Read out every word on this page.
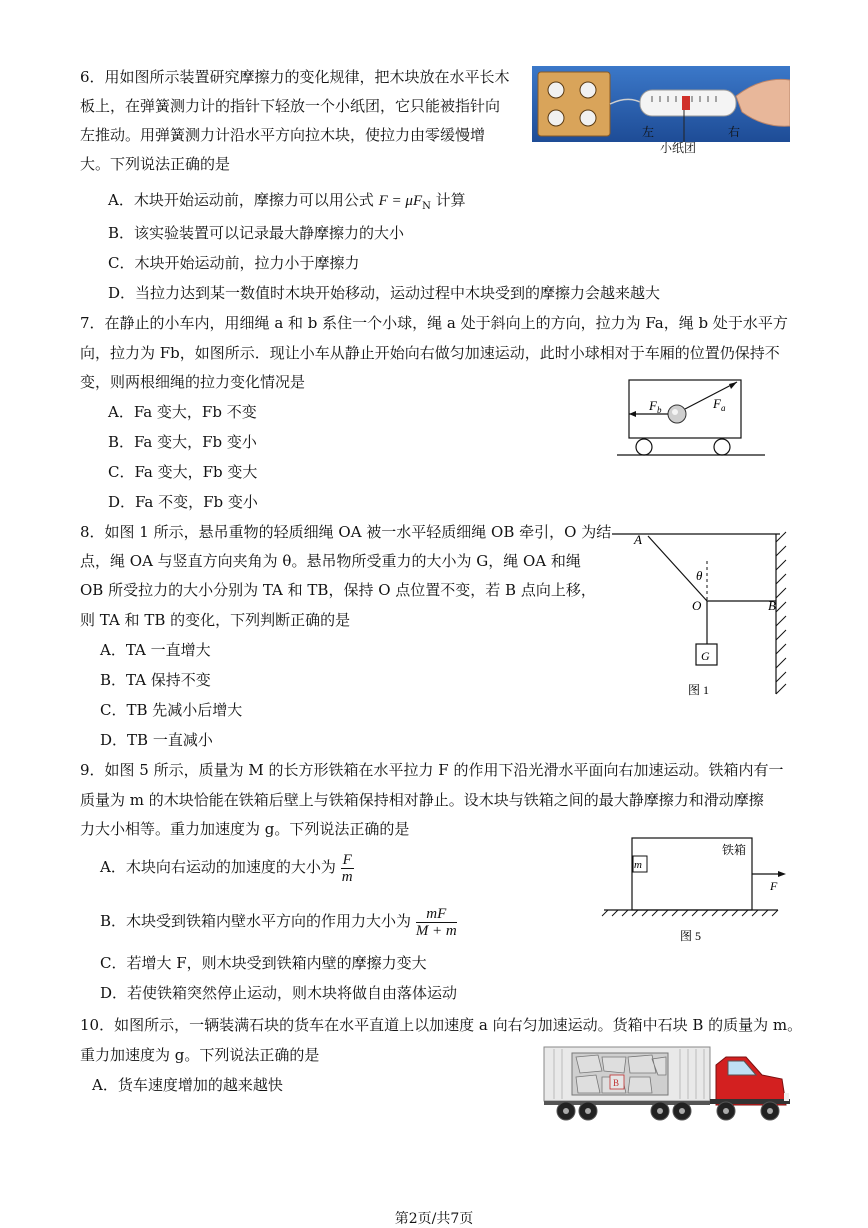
6．用如图所示装置研究摩擦力的变化规律，把木块放在水平长木
板上，在弹簧测力计的指针下轻放一个小纸团，它只能被指针向
左推动。用弹簧测力计沿水平方向拉木块，使拉力由零缓慢增
大。下列说法正确的是
左	右
小纸团
A．木块开始运动前，摩擦力可以用公式 $F = \mu F_N$ 计算
B．该实验装置可以记录最大静摩擦力的大小
C．木块开始运动前，拉力小于摩擦力
D．当拉力达到某一数值时木块开始移动，运动过程中木块受到的摩擦力会越来越大
7．在静止的小车内，用细绳 a 和 b 系住一个小球，绳 a 处于斜向上的方向，拉力为 Fa，绳 b 处于水平方
向，拉力为 Fb，如图所示．现让小车从静止开始向右做匀加速运动，此时小球相对于车厢的位置仍保持不
变，则两根细绳的拉力变化情况是
A．Fa 变大，Fb 不变
B．Fa 变大，Fb 变小
C．Fa 变大，Fb 变大
D．Fa 不变，Fb 变小
$F_b$	$F_a$
8．如图 1 所示，悬吊重物的轻质细绳 OA 被一水平轻质细绳 OB 牵引，O 为结
点，绳 OA 与竖直方向夹角为 θ。悬吊物所受重力的大小为 G，绳 OA 和绳
OB 所受拉力的大小分别为 TA 和 TB，保持 O 点位置不变，若 B 点向上移，
则 TA 和 TB 的变化，下列判断正确的是
A．TA 一直增大
B．TA 保持不变
C．TB 先减小后增大
D．TB 一直减小
A
θ
O	B
G
图 1
9．如图 5 所示，质量为 M 的长方形铁箱在水平拉力 F 的作用下沿光滑水平面向右加速运动。铁箱内有一
质量为 m 的木块恰能在铁箱后壁上与铁箱保持相对静止。设木块与铁箱之间的最大静摩擦力和滑动摩擦
力大小相等。重力加速度为 g。下列说法正确的是
A．木块向右运动的加速度的大小为 $\frac{F}{m}$
B．木块受到铁箱内壁水平方向的作用力大小为 $\frac{mF}{M + m}$
C．若增大 F，则木块受到铁箱内壁的摩擦力变大
D．若使铁箱突然停止运动，则木块将做自由落体运动
m
铁箱
F
图 5
10．如图所示，一辆装满石块的货车在水平直道上以加速度 a 向右匀加速运动。货箱中石块 B 的质量为 m。
重力加速度为 g。下列说法正确的是
A．货车速度增加的越来越快	B
第2页/共7页
